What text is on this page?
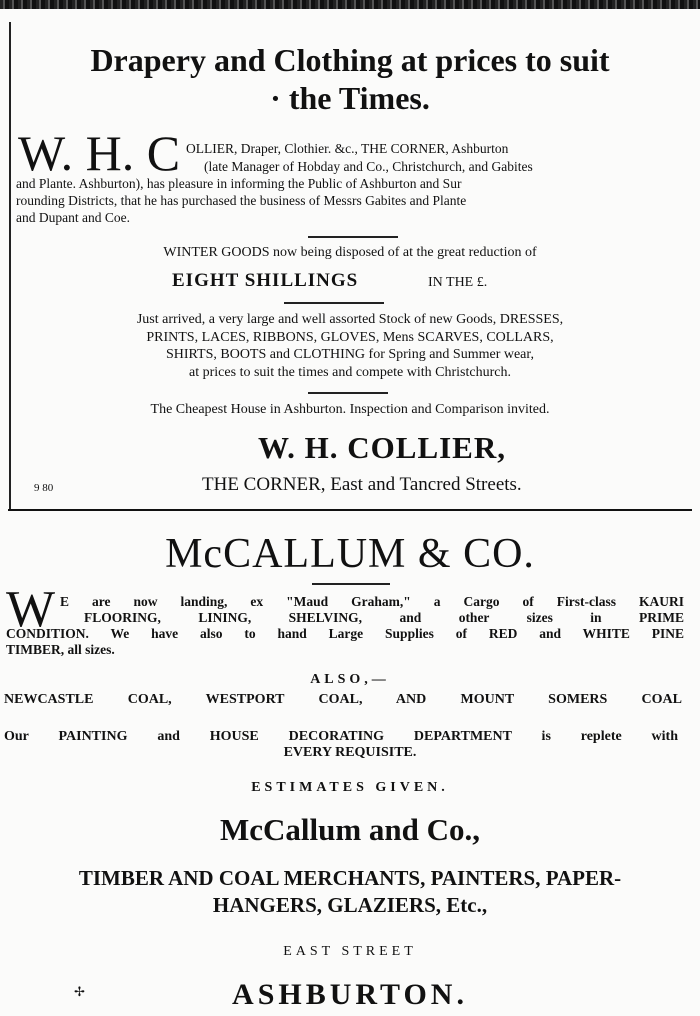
Drapery and Clothing at prices to suit
· the Times.
W. H. C OLLIER, Draper, Clothier. &c., THE CORNER, Ashburton
(late Manager of Hobday and Co., Christchurch, and Gabites
and Plante. Ashburton), has pleasure in informing the Public of Ashburton and Sur
rounding Districts, that he has purchased the business of Messrs Gabites and Plante
and Dupant and Coe.
WINTER GOODS now being disposed of at the great reduction of
EIGHT SHILLINGS	IN THE £.
Just arrived, a very large and well assorted Stock of new Goods, DRESSES,
PRINTS, LACES, RIBBONS, GLOVES, Mens SCARVES, COLLARS,
SHIRTS, BOOTS and CLOTHING for Spring and Summer wear,
at prices to suit the times and compete with Christchurch.
The Cheapest House in Ashburton. Inspection and Comparison invited.
W. H. COLLIER,
9 80	THE CORNER, East and Tancred Streets.
McCALLUM & CO.
W E are now landing, ex "Maud Graham," a Cargo of First-class KAURI
FLOORING, LINING, SHELVING, and other sizes in PRIME
CONDITION. We have also to hand Large Supplies of RED and WHITE PINE
TIMBER, all sizes.
ALSO,—
NEWCASTLE COAL, WESTPORT COAL, AND MOUNT SOMERS COAL
Our PAINTING and HOUSE DECORATING DEPARTMENT is replete with
EVERY REQUISITE.
ESTIMATES GIVEN.
McCallum and Co.,
TIMBER AND COAL MERCHANTS, PAINTERS, PAPER-
HANGERS, GLAZIERS, Etc.,
EAST STREET
✢	ASHBURTON.
